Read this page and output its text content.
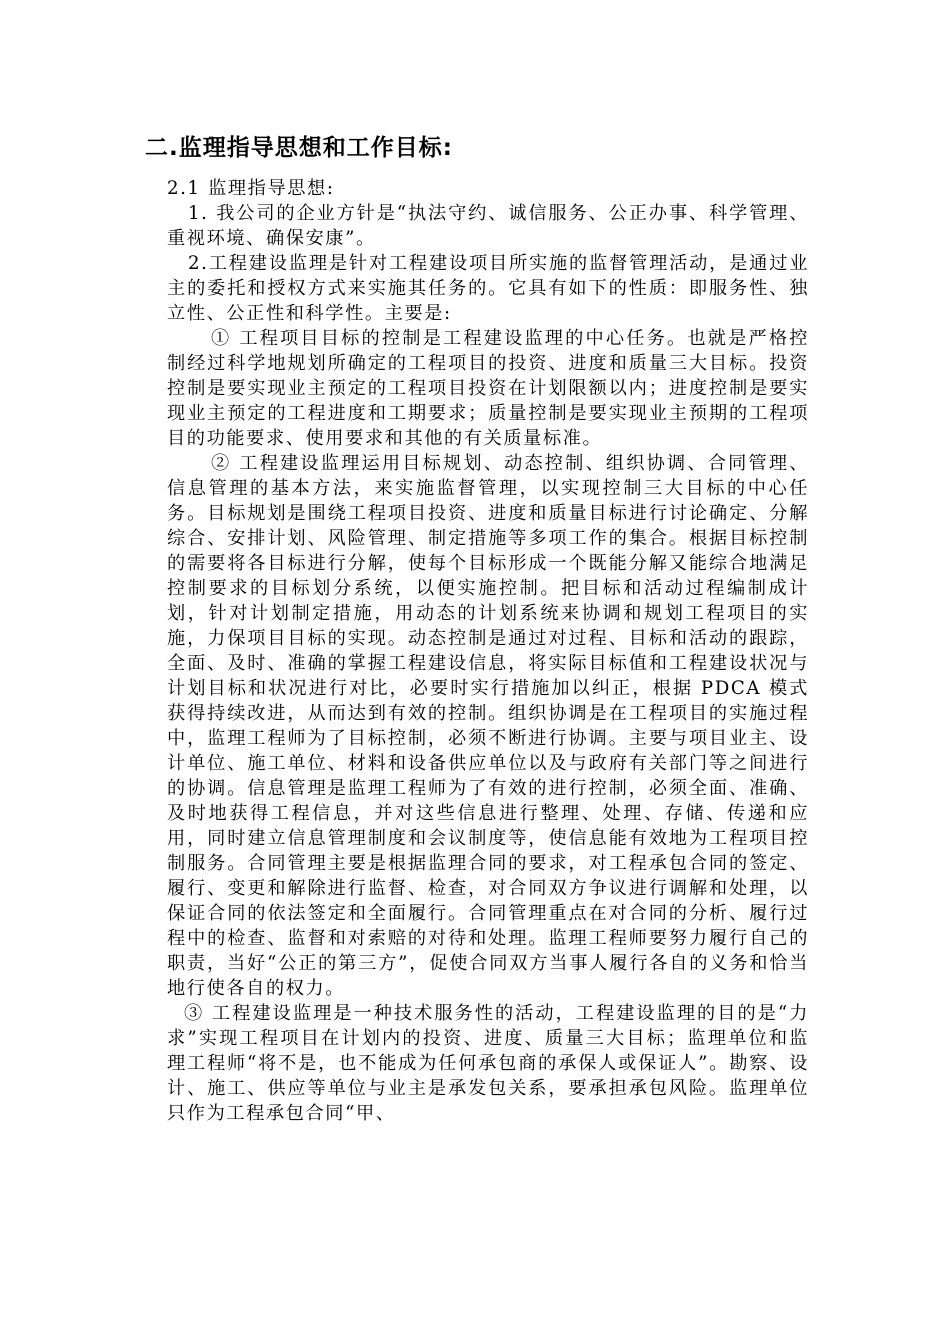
二.监理指导思想和工作目标:

2.1 监理指导思想:

1. 我公司的企业方针是“执法守约、诚信服务、公正办事、科学管理、重视环境、确保安康”。

2.工程建设监理是针对工程建设项目所实施的监督管理活动，是通过业主的委托和授权方式来实施其任务的。它具有如下的性质：即服务性、独立性、公正性和科学性。主要是:

① 工程项目目标的控制是工程建设监理的中心任务。也就是严格控制经过科学地规划所确定的工程项目的投资、进度和质量三大目标。投资控制是要实现业主预定的工程项目投资在计划限额以内；进度控制是要实现业主预定的工程进度和工期要求；质量控制是要实现业主预期的工程项目的功能要求、使用要求和其他的有关质量标准。

② 工程建设监理运用目标规划、动态控制、组织协调、合同管理、信息管理的基本方法，来实施监督管理，以实现控制三大目标的中心任务。目标规划是围绕工程项目投资、进度和质量目标进行讨论确定、分解综合、安排计划、风险管理、制定措施等多项工作的集合。根据目标控制的需要将各目标进行分解，使每个目标形成一个既能分解又能综合地满足控制要求的目标划分系统，以便实施控制。把目标和活动过程编制成计划，针对计划制定措施，用动态的计划系统来协调和规划工程项目的实施，力保项目目标的实现。动态控制是通过对过程、目标和活动的跟踪，全面、及时、准确的掌握工程建设信息，将实际目标值和工程建设状况与计划目标和状况进行对比，必要时实行措施加以纠正，根据 PDCA 模式获得持续改进，从而达到有效的控制。组织协调是在工程项目的实施过程中，监理工程师为了目标控制，必须不断进行协调。主要与项目业主、设计单位、施工单位、材料和设备供应单位以及与政府有关部门等之间进行的协调。信息管理是监理工程师为了有效的进行控制，必须全面、准确、及时地获得工程信息，并对这些信息进行整理、处理、存储、传递和应用，同时建立信息管理制度和会议制度等，使信息能有效地为工程项目控制服务。合同管理主要是根据监理合同的要求，对工程承包合同的签定、履行、变更和解除进行监督、检查，对合同双方争议进行调解和处理，以保证合同的依法签定和全面履行。合同管理重点在对合同的分析、履行过程中的检查、监督和对索赔的对待和处理。监理工程师要努力履行自己的职责，当好“公正的第三方”，促使合同双方当事人履行各自的义务和恰当地行使各自的权力。

③ 工程建设监理是一种技术服务性的活动，工程建设监理的目的是“力求”实现工程项目在计划内的投资、进度、质量三大目标；监理单位和监理工程师“将不是，也不能成为任何承包商的承保人或保证人”。勘察、设计、施工、供应等单位与业主是承发包关系，要承担承包风险。监理单位只作为工程承包合同“甲、
